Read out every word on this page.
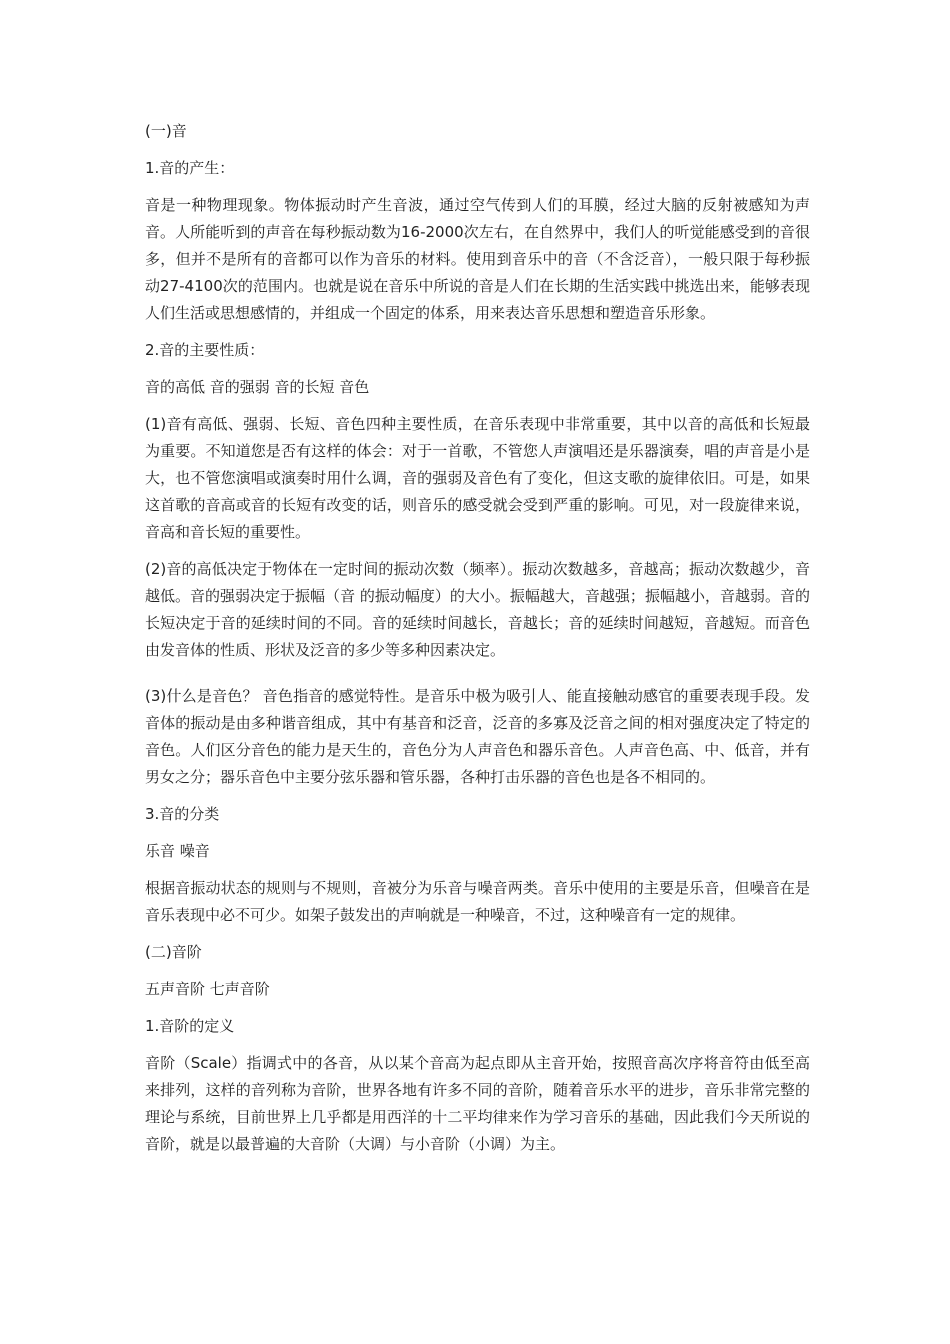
(一)音

1.音的产生：

音是一种物理现象。物体振动时产生音波，通过空气传到人们的耳膜，经过大脑的反射被感知为声音。人所能听到的声音在每秒振动数为16-2000次左右，在自然界中，我们人的听觉能感受到的音很多，但并不是所有的音都可以作为音乐的材料。使用到音乐中的音（不含泛音），一般只限于每秒振动27-4100次的范围内。也就是说在音乐中所说的音是人们在长期的生活实践中挑选出来，能够表现人们生活或思想感情的，并组成一个固定的体系，用来表达音乐思想和塑造音乐形象。

2.音的主要性质：

音的高低 音的强弱 音的长短 音色

(1)音有高低、强弱、长短、音色四种主要性质，在音乐表现中非常重要，其中以音的高低和长短最为重要。不知道您是否有这样的体会：对于一首歌，不管您人声演唱还是乐器演奏，唱的声音是小是大，也不管您演唱或演奏时用什么调，音的强弱及音色有了变化，但这支歌的旋律依旧。可是，如果这首歌的音高或音的长短有改变的话，则音乐的感受就会受到严重的影响。可见，对一段旋律来说，音高和音长短的重要性。

(2)音的高低决定于物体在一定时间的振动次数（频率）。振动次数越多，音越高；振动次数越少，音越低。音的强弱决定于振幅（音 的振动幅度）的大小。振幅越大，音越强；振幅越小，音越弱。音的长短决定于音的延续时间的不同。音的延续时间越长，音越长；音的延续时间越短，音越短。而音色由发音体的性质、形状及泛音的多少等多种因素决定。

(3)什么是音色？ 音色指音的感觉特性。是音乐中极为吸引人、能直接触动感官的重要表现手段。发音体的振动是由多种谐音组成，其中有基音和泛音，泛音的多寡及泛音之间的相对强度决定了特定的音色。人们区分音色的能力是天生的，音色分为人声音色和器乐音色。人声音色高、中、低音，并有男女之分；器乐音色中主要分弦乐器和管乐器，各种打击乐器的音色也是各不相同的。

3.音的分类

乐音 噪音

根据音振动状态的规则与不规则，音被分为乐音与噪音两类。音乐中使用的主要是乐音，但噪音在是音乐表现中必不可少。如架子鼓发出的声响就是一种噪音，不过，这种噪音有一定的规律。

(二)音阶

五声音阶 七声音阶

1.音阶的定义

音阶（Scale）指调式中的各音，从以某个音高为起点即从主音开始，按照音高次序将音符由低至高来排列，这样的音列称为音阶，世界各地有许多不同的音阶，随着音乐水平的进步，音乐非常完整的理论与系统，目前世界上几乎都是用西洋的十二平均律来作为学习音乐的基础，因此我们今天所说的音阶，就是以最普遍的大音阶（大调）与小音阶（小调）为主。
